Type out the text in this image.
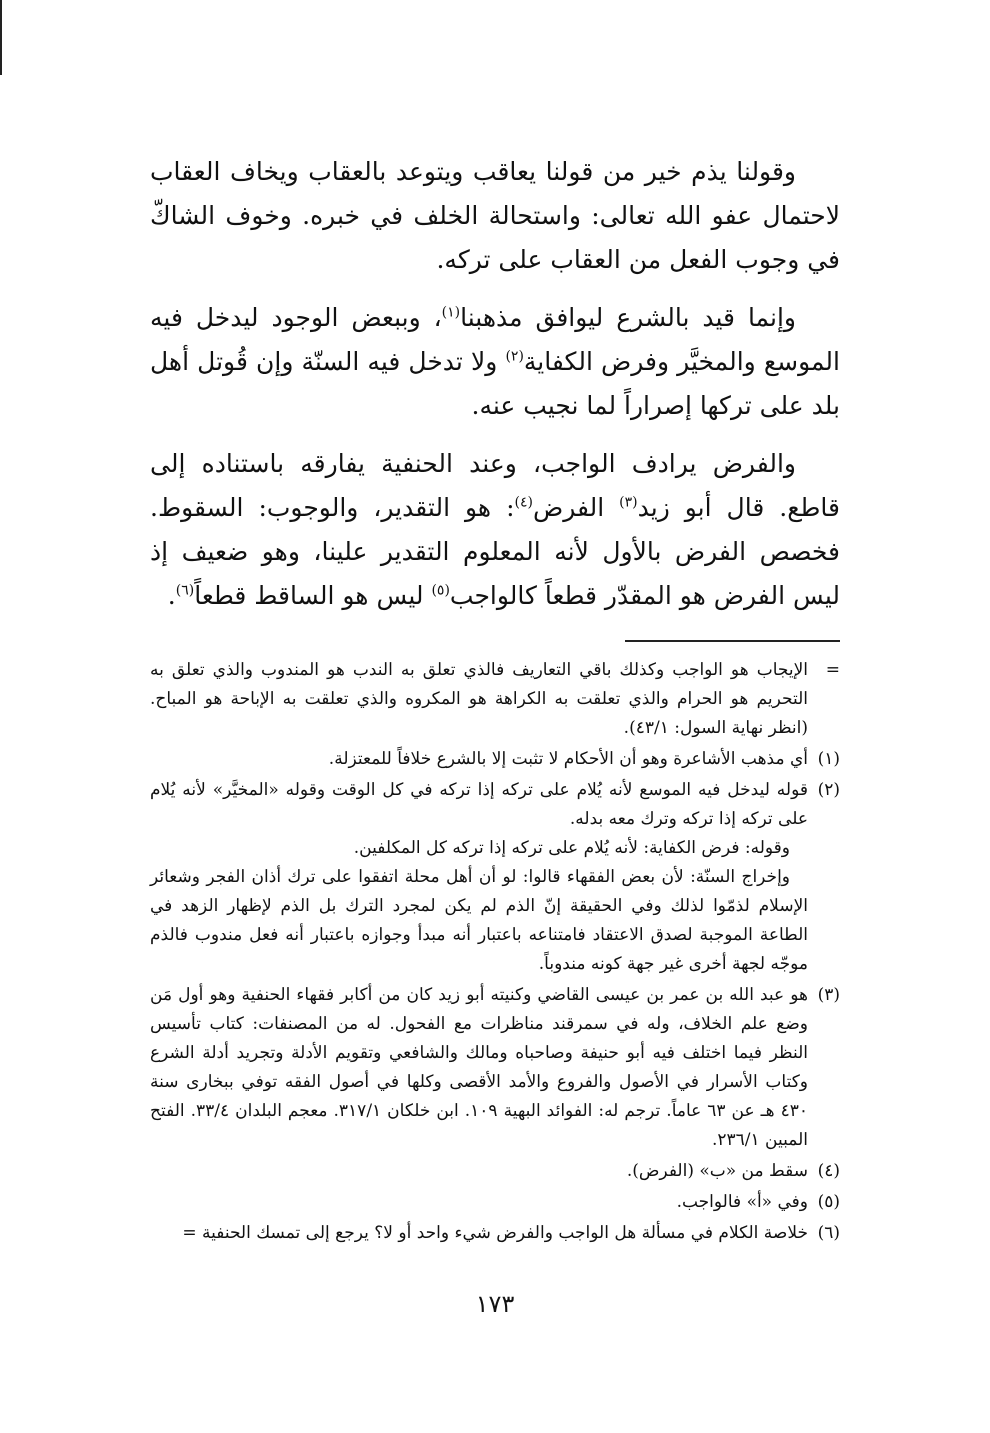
وقولنا يذم خير من قولنا يعاقب ويتوعد بالعقاب ويخاف العقاب لاحتمال عفو الله تعالى: واستحالة الخلف في خبره. وخوف الشاكّ في وجوب الفعل من العقاب على تركه.

وإنما قيد بالشرع ليوافق مذهبنا$^{(١)}$، وببعض الوجود ليدخل فيه الموسع والمخيَّر وفرض الكفاية$^{(٢)}$ ولا تدخل فيه السنّة وإن قُوتل أهل بلد على تركها إصراراً لما نجيب عنه.

والفرض يرادف الواجب، وعند الحنفية يفارقه باستناده إلى قاطع. قال أبو زيد$^{(٣)}$ الفرض$^{(٤)}$: هو التقدير، والوجوب: السقوط. فخصص الفرض بالأول لأنه المعلوم التقدير علينا، وهو ضعيف إذ ليس الفرض هو المقدّر قطعاً كالواجب$^{(٥)}$ ليس هو الساقط قطعاً$^{(٦)}$.

=
الإيجاب هو الواجب وكذلك باقي التعاريف فالذي تعلق به الندب هو المندوب والذي تعلق به التحريم هو الحرام والذي تعلقت به الكراهة هو المكروه والذي تعلقت به الإباحة هو المباح. (انظر نهاية السول: ٤٣/١).
(١)
أي مذهب الأشاعرة وهو أن الأحكام لا تثبت إلا بالشرع خلافاً للمعتزلة.
(٢)
قوله ليدخل فيه الموسع لأنه يُلام على تركه إذا تركه في كل الوقت وقوله «المخيَّر» لأنه يُلام على تركه إذا تركه وترك معه بدله.
وقوله: فرض الكفاية: لأنه يُلام على تركه إذا تركه كل المكلفين.
وإخراج السنّة: لأن بعض الفقهاء قالوا: لو أن أهل محلة اتفقوا على ترك أذان الفجر وشعائر الإسلام لذمّوا لذلك وفي الحقيقة إنّ الذم لم يكن لمجرد الترك بل الذم لإظهار الزهد في الطاعة الموجبة لصدق الاعتقاد فامتناعه باعتبار أنه مبدأ وجوازه باعتبار أنه فعل مندوب فالذم موجّه لجهة أخرى غير جهة كونه مندوباً.
(٣)
هو عبد الله بن عمر بن عيسى القاضي وكنيته أبو زيد كان من أكابر فقهاء الحنفية وهو أول مَن وضع علم الخلاف، وله في سمرقند مناظرات مع الفحول. له من المصنفات: كتاب تأسيس النظر فيما اختلف فيه أبو حنيفة وصاحباه ومالك والشافعي وتقويم الأدلة وتجريد أدلة الشرع وكتاب الأسرار في الأصول والفروع والأمد الأقصى وكلها في أصول الفقه توفي ببخارى سنة ٤٣٠ هـ عن ٦٣ عاماً. ترجم له: الفوائد البهية ١٠٩. ابن خلكان ٣١٧/١. معجم البلدان ٣٣/٤. الفتح المبين ٢٣٦/١.
(٤)
سقط من «ب» (الفرض).
(٥)
وفي «أ» فالواجب.
(٦)
خلاصة الكلام في مسألة هل الواجب والفرض شيء واحد أو لا؟ يرجع إلى تمسك الحنفية =
١٧٣
